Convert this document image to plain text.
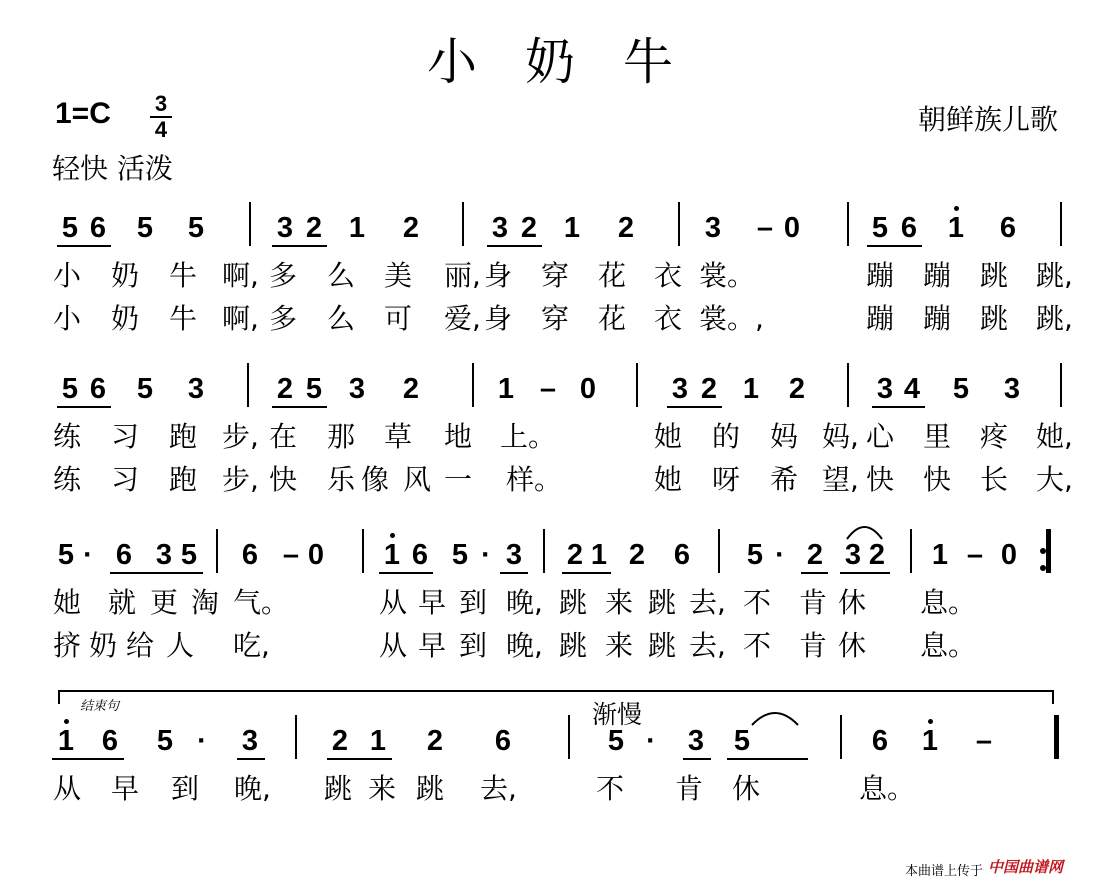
小奶牛
1=C	3
4
轻快 活泼
朝鲜族儿歌
结束句	渐慢
本曲谱上传于 中国曲谱网
5 6 5 5	3 2 1 2	3 2 1 2 3 – 0 5 6 1 6
小 奶 牛 啊, 多 么 美 丽, 身 穿 花 衣 裳。	蹦 蹦 跳 跳,
小 奶 牛 啊, 多 么 可 爱, 身 穿 花 衣 裳。,	蹦 蹦 跳 跳,
5 6 5 3	2 5 3 2	1 – 0	3 2 1 2 3 4 5 3
练 习 跑 步, 在 那 草 地 上。	她 的 妈 妈, 心 里 疼 她,
练 习 跑 步, 快 乐 像 风 一 样。	她 呀 希 望, 快 快 长 大,
5 · 6 3 5 6 – 0 1 6 5 · 3 2 1 2 6 5 · 2 3 2 1 – 0
她 就 更 淘 气。	从 早 到 晚, 跳 来 跳 去, 不 肯 休 息。
挤 奶 给 人 吃,	从 早 到 晚, 跳 来 跳 去, 不 肯 休 息。
1 6 5 · 3	2 1 2 6	5 · 3 5	6 1 –
从 早 到 晚, 跳 来 跳 去,	不 肯 休	息。
